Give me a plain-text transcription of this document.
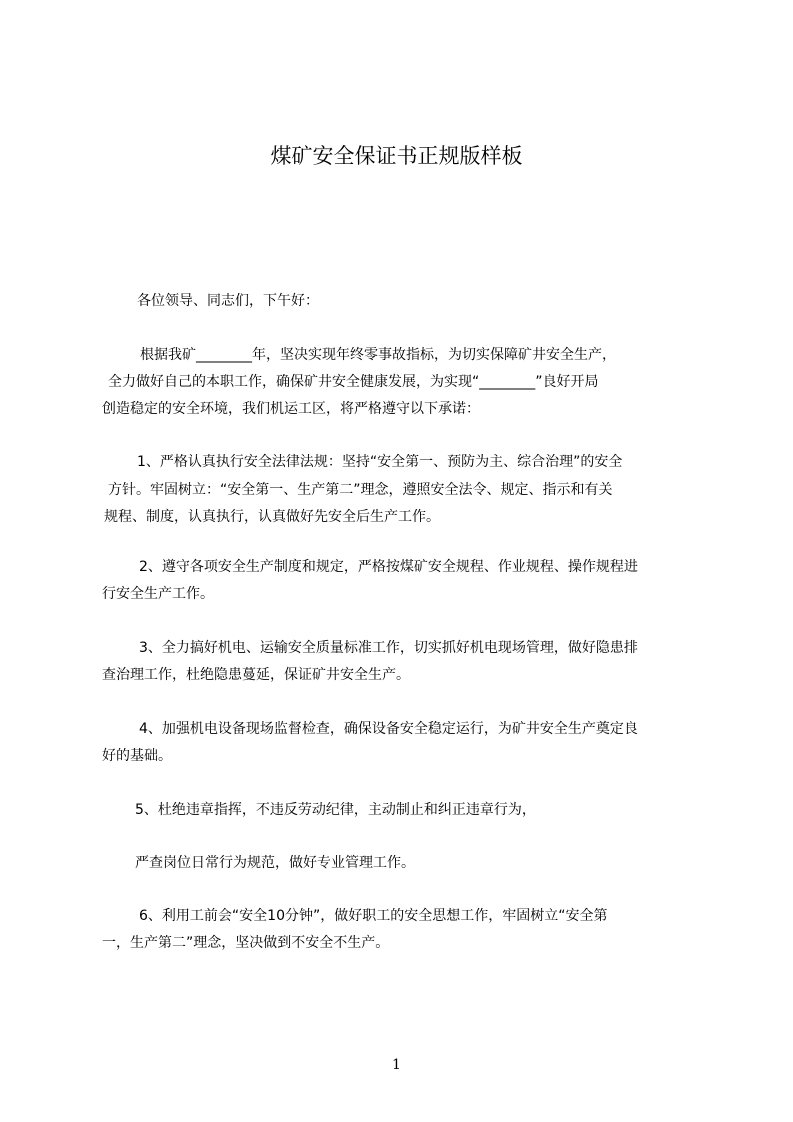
煤矿安全保证书正规版样板
各位领导、同志们，下午好：
根据我矿________年，坚决实现年终零事故指标，为切实保障矿井安全生产，
全力做好自己的本职工作，确保矿井安全健康发展，为实现“________”良好开局
创造稳定的安全环境，我们机运工区，将严格遵守以下承诺：
1、严格认真执行安全法律法规：坚持“安全第一、预防为主、综合治理”的安全
方针。牢固树立：“安全第一、生产第二”理念，遵照安全法令、规定、指示和有关
规程、制度，认真执行，认真做好先安全后生产工作。
2、遵守各项安全生产制度和规定，严格按煤矿安全规程、作业规程、操作规程进
行安全生产工作。
3、全力搞好机电、运输安全质量标准工作，切实抓好机电现场管理，做好隐患排
查治理工作，杜绝隐患蔓延，保证矿井安全生产。
4、加强机电设备现场监督检查，确保设备安全稳定运行，为矿井安全生产奠定良
好的基础。
5、杜绝违章指挥，不违反劳动纪律，主动制止和纠正违章行为，
严查岗位日常行为规范，做好专业管理工作。
6、利用工前会“安全10分钟”，做好职工的安全思想工作，牢固树立“安全第
一，生产第二”理念，坚决做到不安全不生产。
1
